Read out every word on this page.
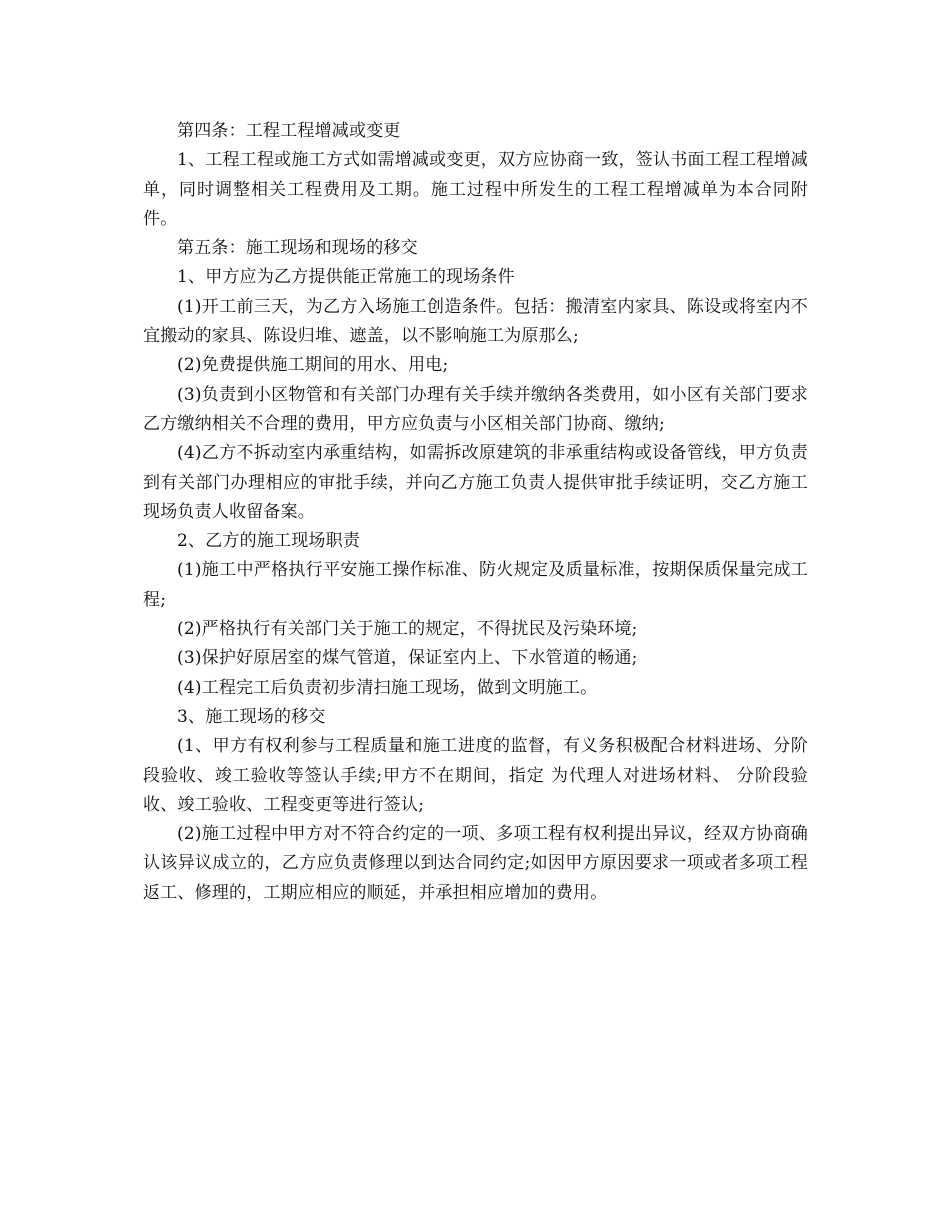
第四条：工程工程增减或变更

1、工程工程或施工方式如需增减或变更，双方应协商一致，签认书面工程工程增减单，同时调整相关工程费用及工期。施工过程中所发生的工程工程增减单为本合同附件。

第五条：施工现场和现场的移交

1、甲方应为乙方提供能正常施工的现场条件

(1)开工前三天，为乙方入场施工创造条件。包括：搬清室内家具、陈设或将室内不宜搬动的家具、陈设归堆、遮盖，以不影响施工为原那么;

(2)免费提供施工期间的用水、用电;

(3)负责到小区物管和有关部门办理有关手续并缴纳各类费用，如小区有关部门要求乙方缴纳相关不合理的费用，甲方应负责与小区相关部门协商、缴纳;

(4)乙方不拆动室内承重结构，如需拆改原建筑的非承重结构或设备管线，甲方负责到有关部门办理相应的审批手续，并向乙方施工负责人提供审批手续证明，交乙方施工现场负责人收留备案。

2、乙方的施工现场职责

(1)施工中严格执行平安施工操作标准、防火规定及质量标准，按期保质保量完成工程;

(2)严格执行有关部门关于施工的规定，不得扰民及污染环境;

(3)保护好原居室的煤气管道，保证室内上、下水管道的畅通;

(4)工程完工后负责初步清扫施工现场，做到文明施工。

3、施工现场的移交

(1、甲方有权利参与工程质量和施工进度的监督，有义务积极配合材料进场、分阶段验收、竣工验收等签认手续;甲方不在期间，指定 为代理人对进场材料、 分阶段验收、竣工验收、工程变更等进行签认;

(2)施工过程中甲方对不符合约定的一项、多项工程有权利提出异议，经双方协商确认该异议成立的，乙方应负责修理以到达合同约定;如因甲方原因要求一项或者多项工程返工、修理的，工期应相应的顺延，并承担相应增加的费用。
